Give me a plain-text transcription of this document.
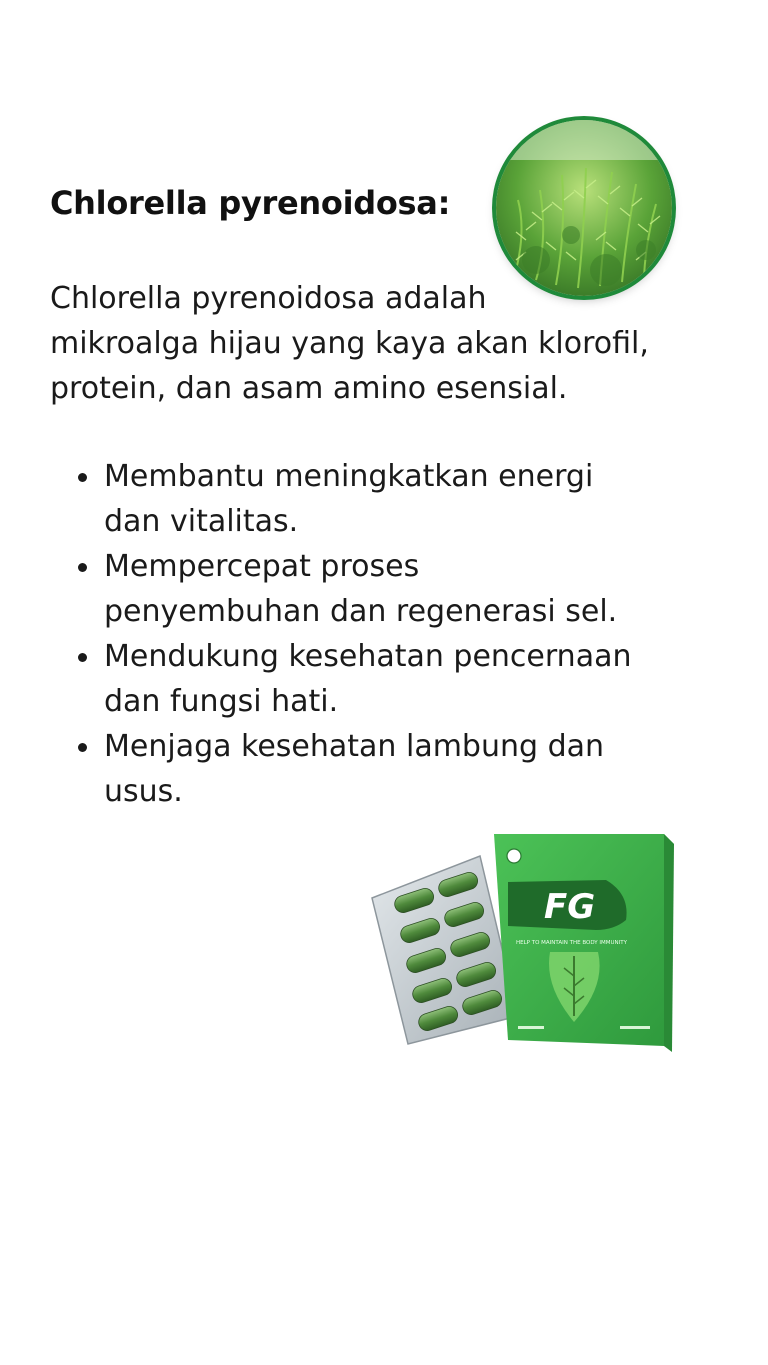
Chlorella pyrenoidosa:

Chlorella pyrenoidosa adalah
mikroalga hijau yang kaya akan klorofil,
protein, dan asam amino esensial.

Membantu meningkatkan energi
dan vitalitas.
Mempercepat proses
penyembuhan dan regenerasi sel.
Mendukung kesehatan pencernaan
dan fungsi hati.
Menjaga kesehatan lambung dan
usus.
FG
HELP TO MAINTAIN THE BODY IMMUNITY
